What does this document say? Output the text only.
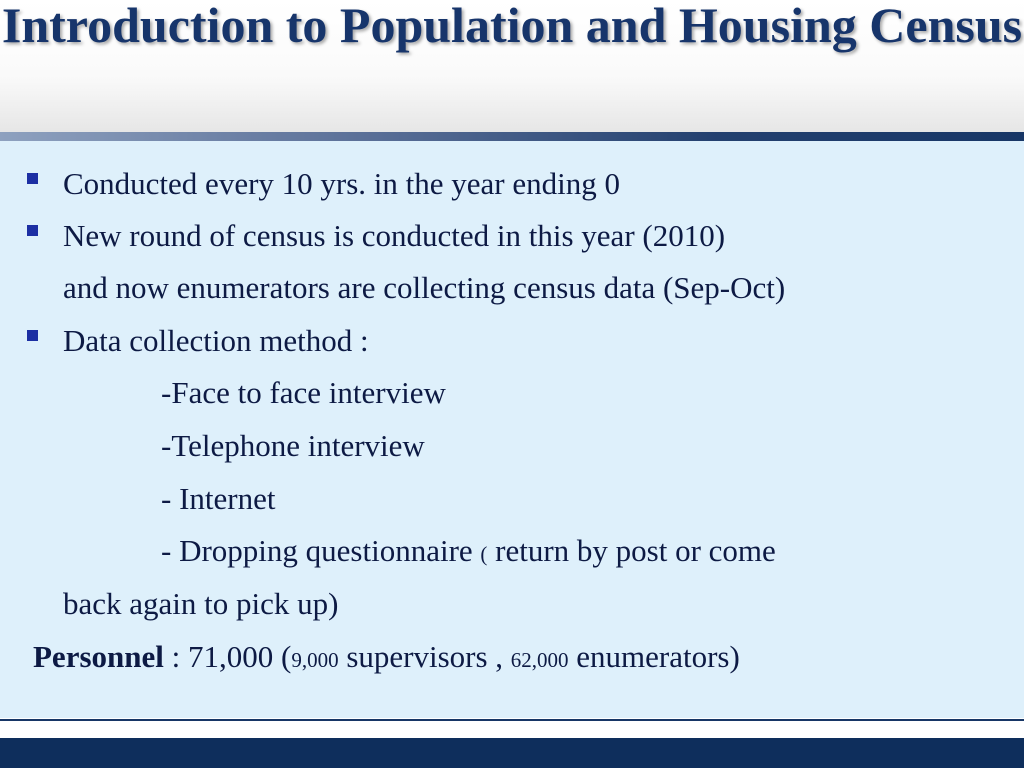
Introduction to Population and Housing Census
Conducted every 10 yrs. in the year ending 0
New round of census is conducted in this year (2010)
and now enumerators are collecting census data (Sep-Oct)
Data collection method :
-Face to face interview
-Telephone interview
- Internet
- Dropping questionnaire ( return by post or come
back again to pick up)
Personnel : 71,000 (9,000 supervisors , 62,000 enumerators)
